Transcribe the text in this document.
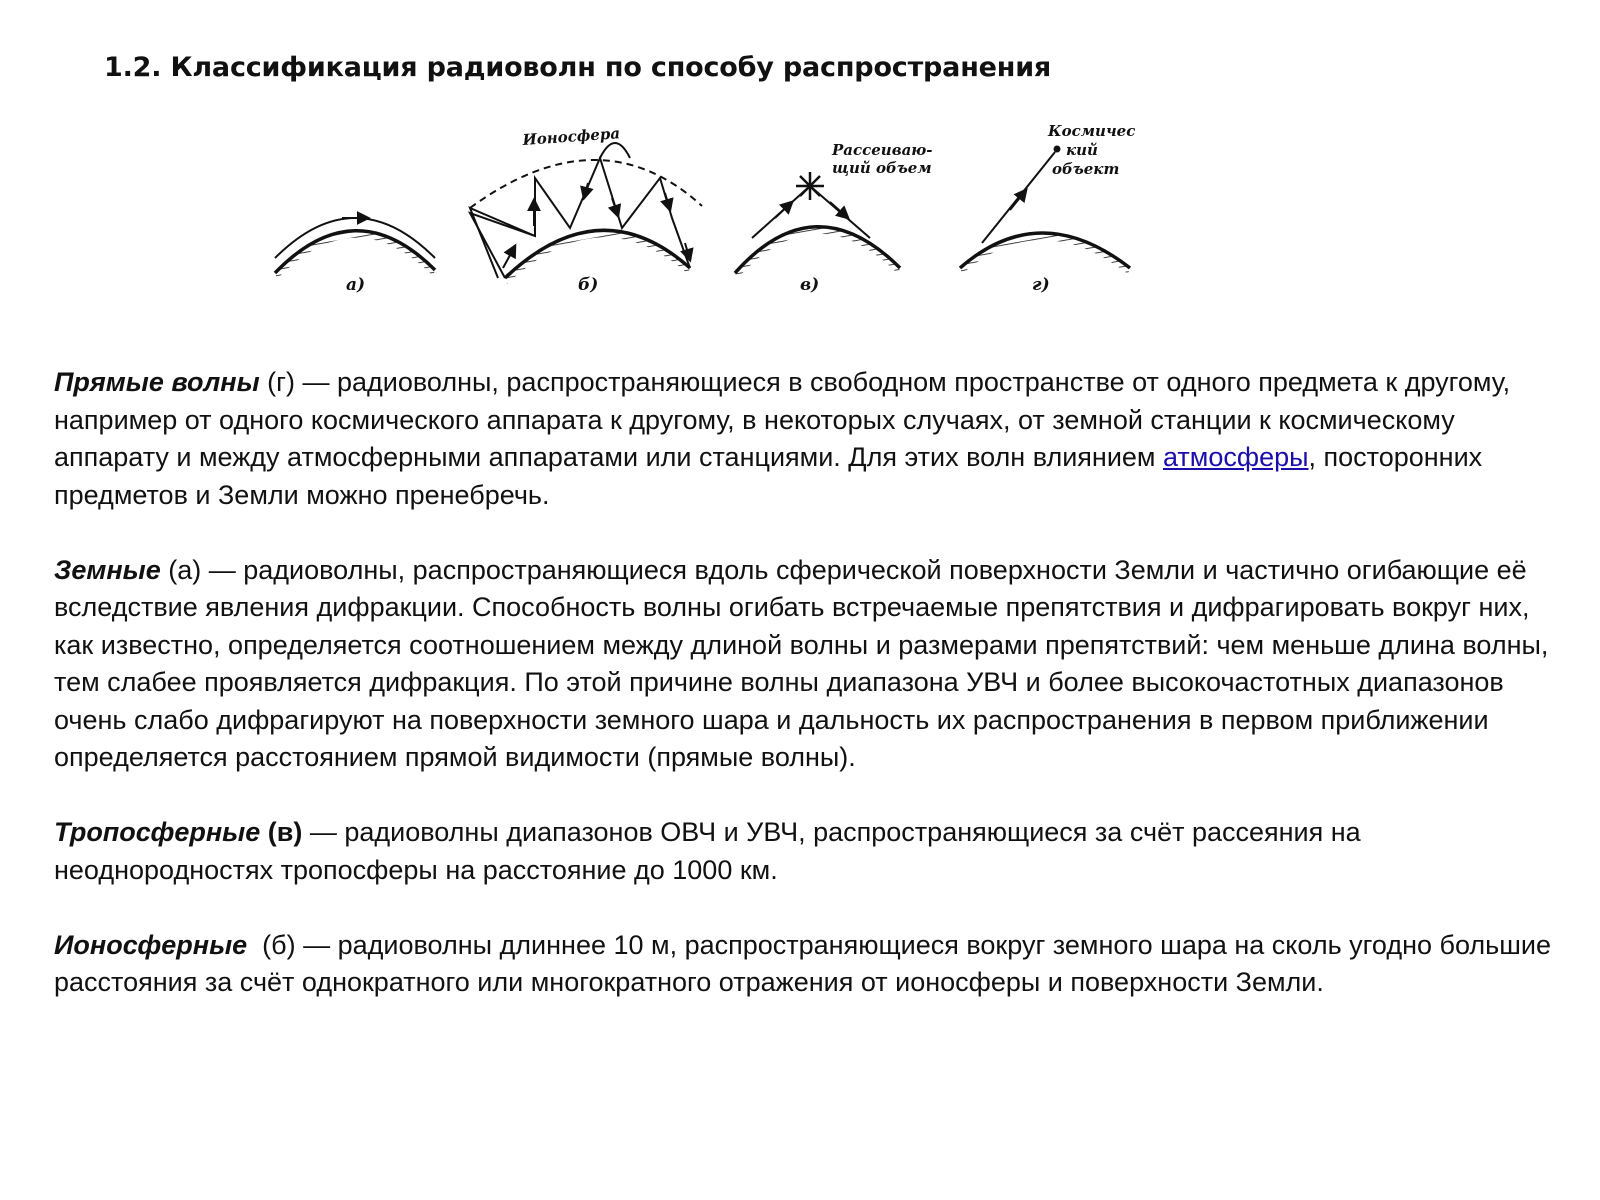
1.2. Классификация радиоволн по способу распространения
а)
Ионосфера
б)
Рассеиваю-
щий объем
в)
Космичес
кий
объект
г)

Прямые волны (г) — радиоволны, распространяющиеся в свободном пространстве от одного предмета к другому, например от одного космического аппарата к другому, в некоторых случаях, от земной станции к космическому аппарату и между атмосферными аппаратами или станциями. Для этих волн влиянием атмосферы, посторонних предметов и Земли можно пренебречь.

Земные (а) — радиоволны, распространяющиеся вдоль сферической поверхности Земли и частично огибающие её вследствие явления дифракции. Способность волны огибать встречаемые препятствия и дифрагировать вокруг них, как известно, определяется соотношением между длиной волны и размерами препятствий: чем меньше длина волны, тем слабее проявляется дифракция. По этой причине волны диапазона УВЧ и более высокочастотных диапазонов очень слабо дифрагируют на поверхности земного шара и дальность их распространения в первом приближении определяется расстоянием прямой видимости (прямые волны).

Тропосферные (в) — радиоволны диапазонов ОВЧ и УВЧ, распространяющиеся за счёт рассеяния на неоднородностях тропосферы на расстояние до 1000 км.

Ионосферные  (б) — радиоволны длиннее 10 м, распространяющиеся вокруг земного шара на сколь угодно большие расстояния за счёт однократного или многократного отражения от ионосферы и поверхности Земли.
